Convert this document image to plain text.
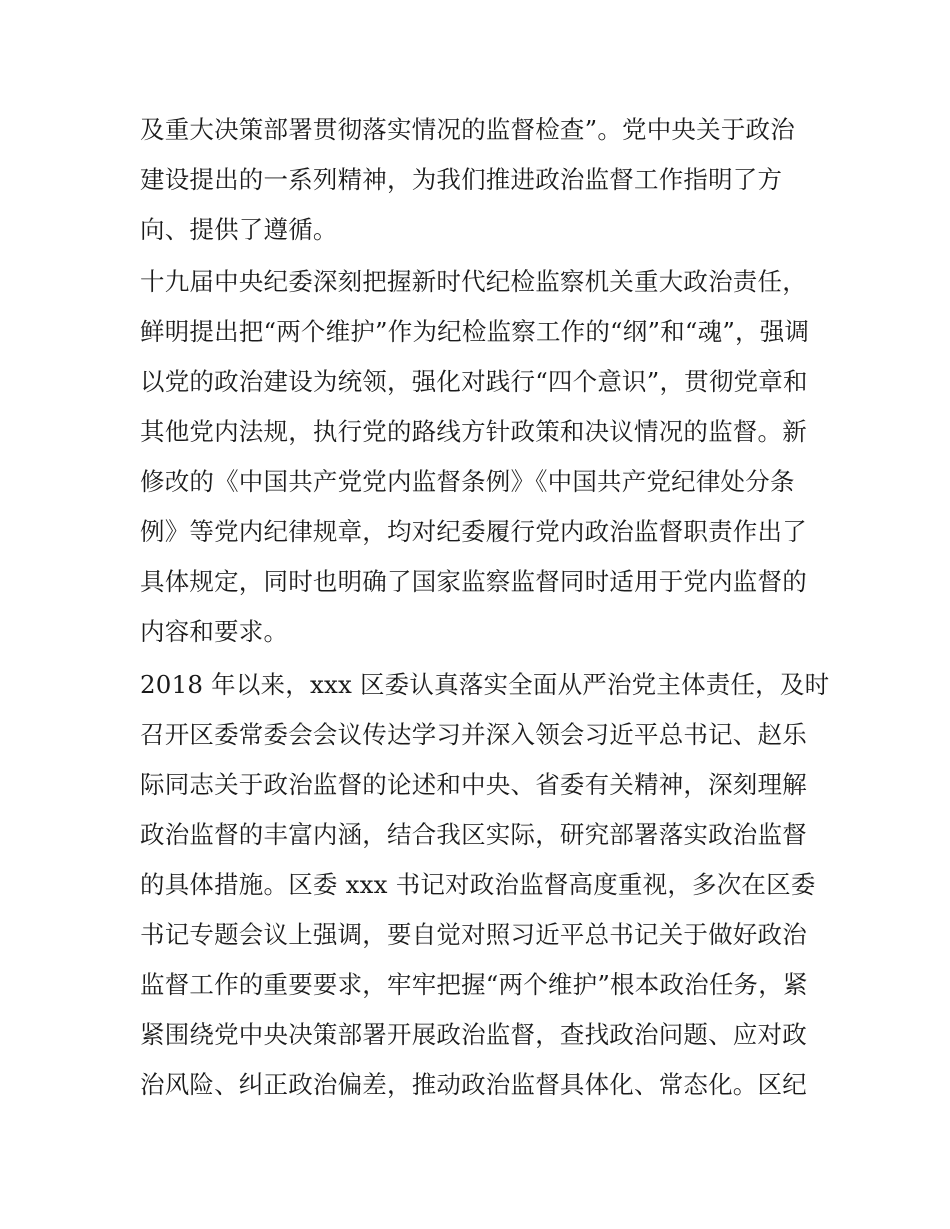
及重大决策部署贯彻落实情况的监督检查”。党中央关于政治
建设提出的一系列精神，为我们推进政治监督工作指明了方
向、提供了遵循。
十九届中央纪委深刻把握新时代纪检监察机关重大政治责任，
鲜明提出把“两个维护”作为纪检监察工作的“纲”和“魂”，强调
以党的政治建设为统领，强化对践行“四个意识”，贯彻党章和
其他党内法规，执行党的路线方针政策和决议情况的监督。新
修改的《中国共产党党内监督条例》《中国共产党纪律处分条
例》等党内纪律规章，均对纪委履行党内政治监督职责作出了
具体规定，同时也明确了国家监察监督同时适用于党内监督的
内容和要求。
2018 年以来，xxx 区委认真落实全面从严治党主体责任，及时
召开区委常委会会议传达学习并深入领会习近平总书记、赵乐
际同志关于政治监督的论述和中央、省委有关精神，深刻理解
政治监督的丰富内涵，结合我区实际，研究部署落实政治监督
的具体措施。区委 xxx 书记对政治监督高度重视，多次在区委
书记专题会议上强调，要自觉对照习近平总书记关于做好政治
监督工作的重要要求，牢牢把握“两个维护”根本政治任务，紧
紧围绕党中央决策部署开展政治监督，查找政治问题、应对政
治风险、纠正政治偏差，推动政治监督具体化、常态化。区纪
